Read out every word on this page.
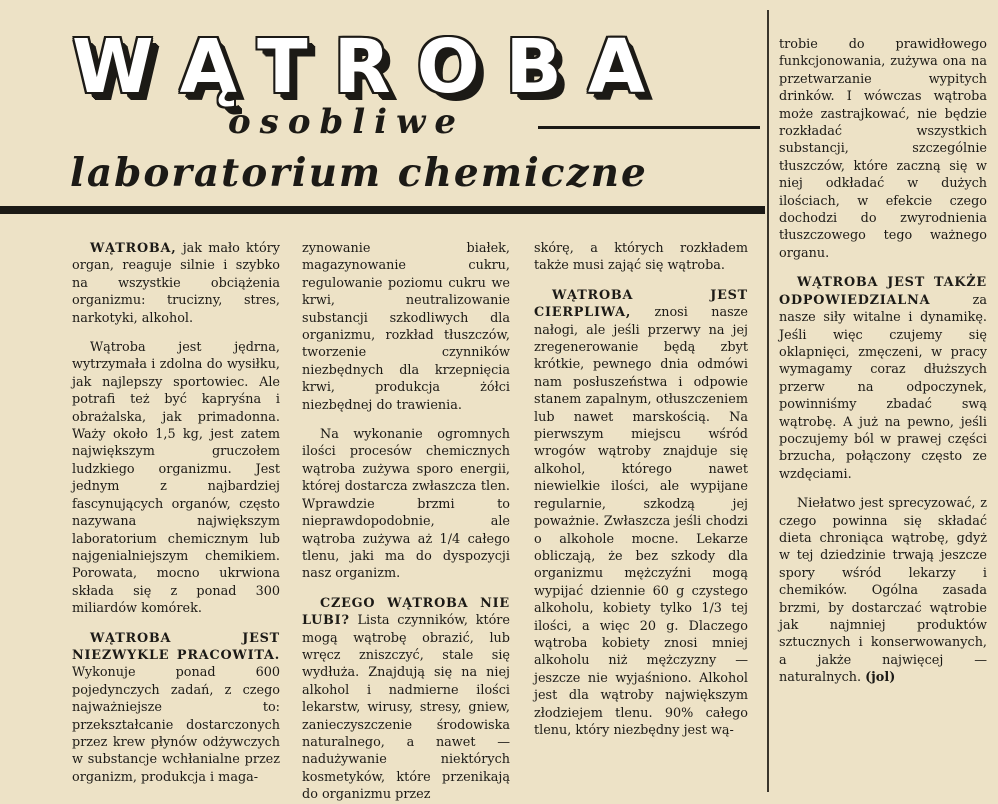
WĄTROBA
osobliwe
laboratorium chemiczne

WĄTROBA, jak mało który organ, reaguje silnie i szybko na wszystkie obciążenia organizmu: trucizny, stres, narkotyki, alkohol.

Wątroba jest jędrna, wytrzymała i zdolna do wysiłku, jak najlepszy sportowiec. Ale potrafi też być kapryśna i obrażalska, jak primadonna. Waży około 1,5 kg, jest zatem największym gruczołem ludzkiego organizmu. Jest jednym z najbardziej fascynujących organów, często nazywana największym laboratorium chemicznym lub najgenialniejszym chemikiem. Porowata, mocno ukrwiona składa się z ponad 300 miliardów komórek.

WĄTROBA JEST NIEZWYKLE PRACOWITA. Wykonuje ponad 600 pojedynczych zadań, z czego najważniejsze to: przekształcanie dostarczonych przez krew płynów odżywczych w substancje wchłanialne przez organizm, produkcja i maga-

zynowanie białek, magazynowanie cukru, regulowanie poziomu cukru we krwi, neutralizowanie substancji szkodliwych dla organizmu, rozkład tłuszczów, tworzenie czynników niezbędnych dla krzepnięcia krwi, produkcja żółci niezbędnej do trawienia.

Na wykonanie ogromnych ilości procesów chemicznych wątroba zużywa sporo energii, której dostarcza zwłaszcza tlen. Wprawdzie brzmi to nieprawdopodobnie, ale wątroba zużywa aż 1/4 całego tlenu, jaki ma do dyspozycji nasz organizm.

CZEGO WĄTROBA NIE LUBI? Lista czynników, które mogą wątrobę obrazić, lub wręcz zniszczyć, stale się wydłuża. Znajdują się na niej alkohol i nadmierne ilości lekarstw, wirusy, stresy, gniew, zanieczyszczenie środowiska naturalnego, a nawet — nadużywanie niektórych kosmetyków, które przenikają do organizmu przez

skórę, a których rozkładem także musi zająć się wątroba.

WĄTROBA JEST CIERPLIWA, znosi nasze nałogi, ale jeśli przerwy na jej zregenerowanie będą zbyt krótkie, pewnego dnia odmówi nam posłuszeństwa i odpowie stanem zapalnym, otłuszczeniem lub nawet marskością. Na pierwszym miejscu wśród wrogów wątroby znajduje się alkohol, którego nawet niewielkie ilości, ale wypijane regularnie, szkodzą jej poważnie. Zwłaszcza jeśli chodzi o alkohole mocne. Lekarze obliczają, że bez szkody dla organizmu mężczyźni mogą wypijać dziennie 60 g czystego alkoholu, kobiety tylko 1/3 tej ilości, a więc 20 g. Dlaczego wątroba kobiety znosi mniej alkoholu niż mężczyzny — jeszcze nie wyjaśniono. Alkohol jest dla wątroby największym złodziejem tlenu. 90% całego tlenu, który niezbędny jest wą-

trobie do prawidłowego funkcjonowania, zużywa ona na przetwarzanie wypitych drinków. I wówczas wątroba może zastrajkować, nie będzie rozkładać wszystkich substancji, szczególnie tłuszczów, które zaczną się w niej odkładać w dużych ilościach, w efekcie czego dochodzi do zwyrodnienia tłuszczowego tego ważnego organu.

WĄTROBA JEST TAKŻE ODPOWIEDZIALNA za nasze siły witalne i dynamikę. Jeśli więc czujemy się oklapnięci, zmęczeni, w pracy wymagamy coraz dłuższych przerw na odpoczynek, powinniśmy zbadać swą wątrobę. A już na pewno, jeśli poczujemy ból w prawej części brzucha, połączony często ze wzdęciami.

Niełatwo jest sprecyzować, z czego powinna się składać dieta chroniąca wątrobę, gdyż w tej dziedzinie trwają jeszcze spory wśród lekarzy i chemików. Ogólna zasada brzmi, by dostarczać wątrobie jak najmniej produktów sztucznych i konserwowanych, a jakże najwięcej — naturalnych. (jol)
